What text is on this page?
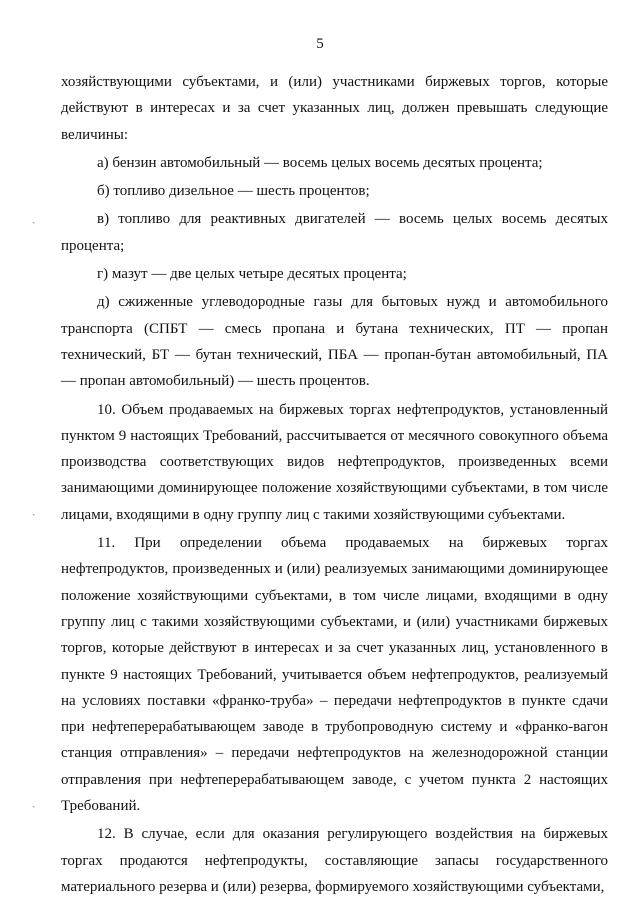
5
ˎ
ˎ
ˎ

хозяйствующими субъектами, и (или) участниками биржевых торгов, которые действуют в интересах и за счет указанных лиц, должен превышать следующие величины:

а) бензин автомобильный — восемь целых восемь десятых процента;

б) топливо дизельное — шесть процентов;

в) топливо для реактивных двигателей — восемь целых восемь десятых процента;

г) мазут — две целых четыре десятых процента;

д) сжиженные углеводородные газы для бытовых нужд и автомобильного транспорта (СПБТ — смесь пропана и бутана технических, ПТ — пропан технический, БТ — бутан технический, ПБА — пропан-бутан автомобильный, ПА — пропан автомобильный) — шесть процентов.

10. Объем продаваемых на биржевых торгах нефтепродуктов, установленный пунктом 9 настоящих Требований, рассчитывается от месячного совокупного объема производства соответствующих видов нефтепродуктов, произведенных всеми занимающими доминирующее положение хозяйствующими субъектами, в том числе лицами, входящими в одну группу лиц с такими хозяйствующими субъектами.

11. При определении объема продаваемых на биржевых торгах нефтепродуктов, произведенных и (или) реализуемых занимающими доминирующее положение хозяйствующими субъектами, в том числе лицами, входящими в одну группу лиц с такими хозяйствующими субъектами, и (или) участниками биржевых торгов, которые действуют в интересах и за счет указанных лиц, установленного в пункте 9 настоящих Требований, учитывается объем нефтепродуктов, реализуемый на условиях поставки «франко-труба» – передачи нефтепродуктов в пункте сдачи при нефтеперерабатывающем заводе в трубопроводную систему и «франко-вагон станция отправления» – передачи нефтепродуктов на железнодорожной станции отправления при нефтеперерабатывающем заводе, с учетом пункта 2 настоящих Требований.

12. В случае, если для оказания регулирующего воздействия на биржевых торгах продаются нефтепродукты, составляющие запасы государственного материального резерва и (или) резерва, формируемого хозяйствующими субъектами,
